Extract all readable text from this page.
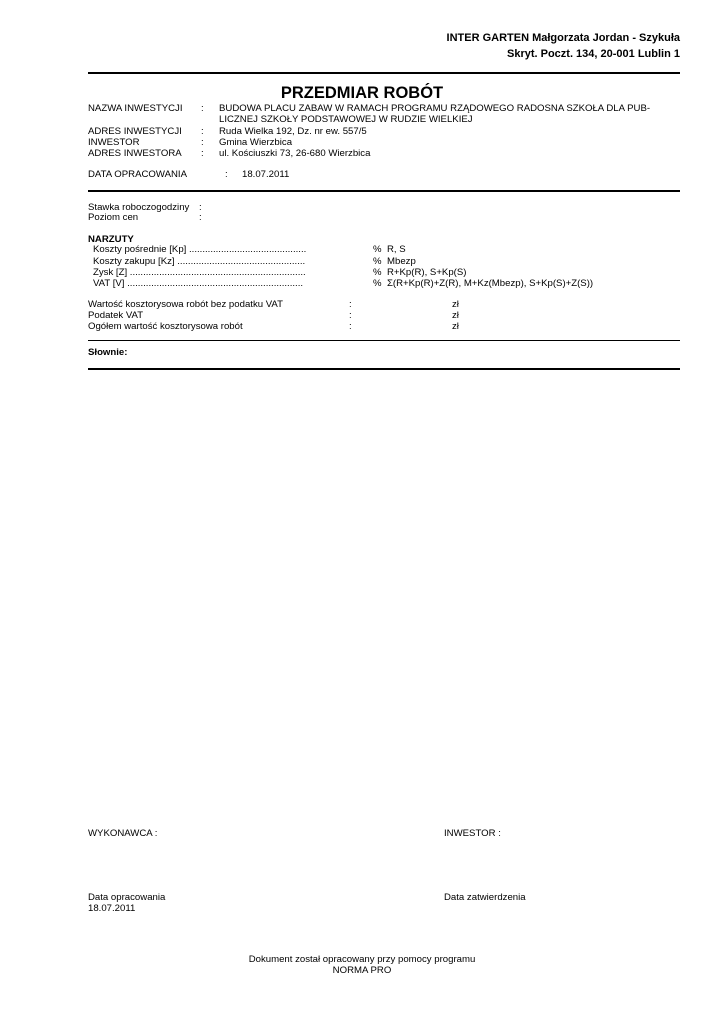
INTER GARTEN Małgorzata Jordan - Szykuła
Skryt. Poczt. 134, 20-001 Lublin 1
PRZEDMIAR ROBÓT
NAZWA INWESTYCJI : BUDOWA PLACU ZABAW W RAMACH PROGRAMU RZĄDOWEGO RADOSNA SZKOŁA DLA PUB-
LICZNEJ SZKOŁY PODSTAWOWEJ W RUDZIE WIELKIEJ
ADRES INWESTYCJI : Ruda Wielka 192, Dz. nr ew. 557/5
INWESTOR	: Gmina Wierzbica
ADRES INWESTORA : ul. Kościuszki 73, 26-680 Wierzbica
DATA OPRACOWANIA	: 18.07.2011
Stawka roboczogodziny :
Poziom cen	:
NARZUTY
Koszty pośrednie [Kp] ............................................	% R, S
Koszty zakupu [Kz] ................................................	% Mbezp
Zysk [Z] ..................................................................	% R+Kp(R), S+Kp(S)
VAT [V] ..................................................................	% Σ(R+Kp(R)+Z(R), M+Kz(Mbezp), S+Kp(S)+Z(S))
Wartość kosztorysowa robót bez podatku VAT	:	zł
Podatek VAT	:	zł
Ogółem wartość kosztorysowa robót	:	zł
Słownie:
WYKONAWCA :	INWESTOR :
Data opracowania
18.07.2011
Data zatwierdzenia
Dokument został opracowany przy pomocy programu
NORMA PRO
